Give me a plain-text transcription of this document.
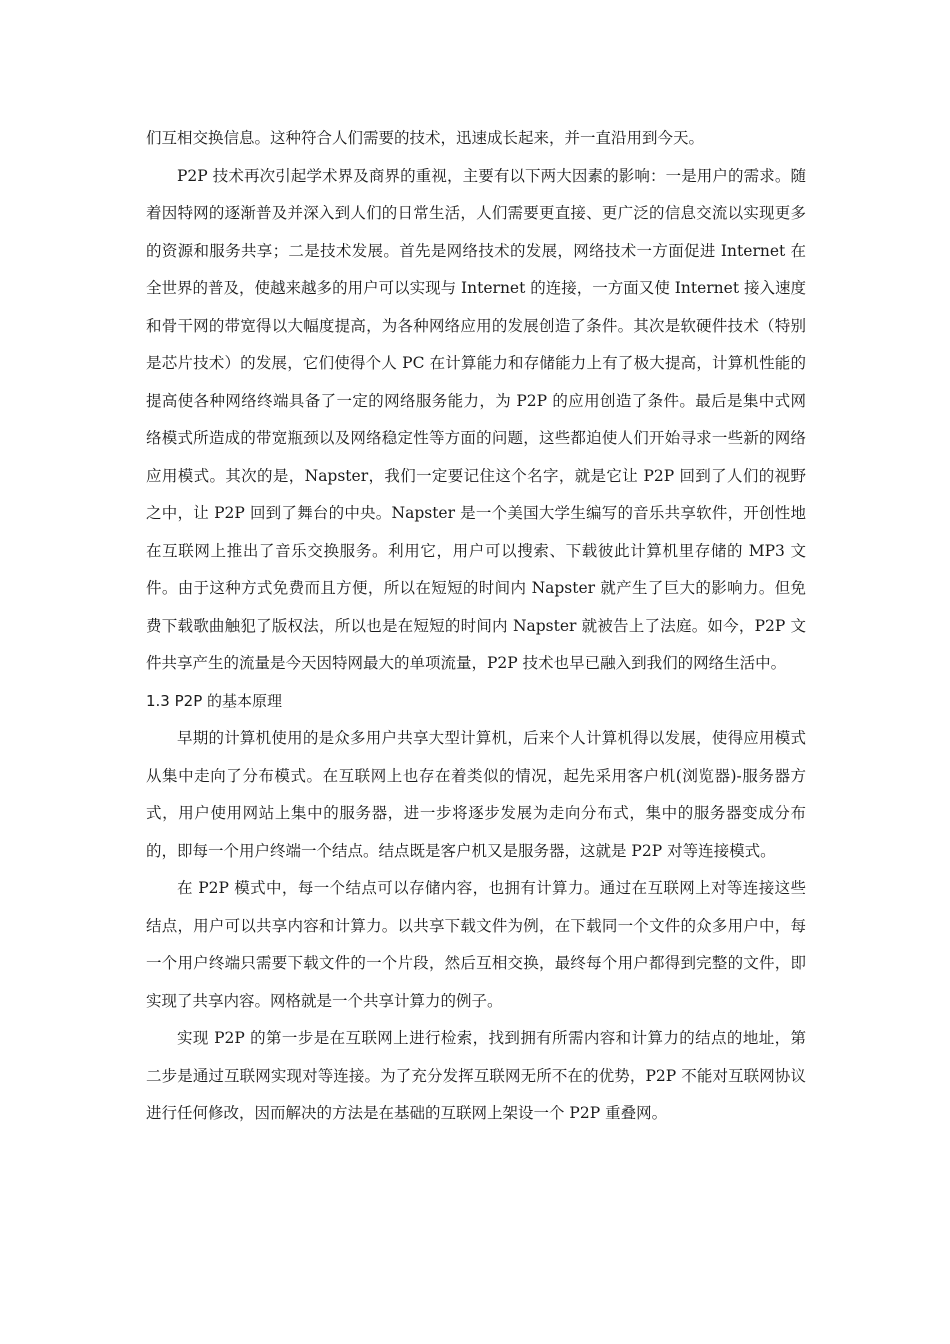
们互相交换信息。这种符合人们需要的技术，迅速成长起来，并一直沿用到今天。

P2P 技术再次引起学术界及商界的重视，主要有以下两大因素的影响：一是用户的需求。随着因特网的逐渐普及并深入到人们的日常生活，人们需要更直接、更广泛的信息交流以实现更多的资源和服务共享；二是技术发展。首先是网络技术的发展，网络技术一方面促进 Internet 在全世界的普及，使越来越多的用户可以实现与 Internet 的连接，一方面又使 Internet 接入速度和骨干网的带宽得以大幅度提高，为各种网络应用的发展创造了条件。其次是软硬件技术（特别是芯片技术）的发展，它们使得个人 PC 在计算能力和存储能力上有了极大提高，计算机性能的提高使各种网络终端具备了一定的网络服务能力，为 P2P 的应用创造了条件。最后是集中式网络模式所造成的带宽瓶颈以及网络稳定性等方面的问题，这些都迫使人们开始寻求一些新的网络应用模式。其次的是，Napster，我们一定要记住这个名字，就是它让 P2P 回到了人们的视野之中，让 P2P 回到了舞台的中央。Napster 是一个美国大学生编写的音乐共享软件，开创性地在互联网上推出了音乐交换服务。利用它，用户可以搜索、下载彼此计算机里存储的 MP3 文件。由于这种方式免费而且方便，所以在短短的时间内 Napster 就产生了巨大的影响力。但免费下载歌曲触犯了版权法，所以也是在短短的时间内 Napster 就被告上了法庭。如今，P2P 文件共享产生的流量是今天因特网最大的单项流量，P2P 技术也早已融入到我们的网络生活中。

1.3 P2P 的基本原理

早期的计算机使用的是众多用户共享大型计算机，后来个人计算机得以发展，使得应用模式从集中走向了分布模式。在互联网上也存在着类似的情况，起先采用客户机(浏览器)-服务器方式，用户使用网站上集中的服务器，进一步将逐步发展为走向分布式，集中的服务器变成分布的，即每一个用户终端一个结点。结点既是客户机又是服务器，这就是 P2P 对等连接模式。

在 P2P 模式中，每一个结点可以存储内容，也拥有计算力。通过在互联网上对等连接这些结点，用户可以共享内容和计算力。以共享下载文件为例，在下载同一个文件的众多用户中，每一个用户终端只需要下载文件的一个片段，然后互相交换，最终每个用户都得到完整的文件，即实现了共享内容。网格就是一个共享计算力的例子。

实现 P2P 的第一步是在互联网上进行检索，找到拥有所需内容和计算力的结点的地址，第二步是通过互联网实现对等连接。为了充分发挥互联网无所不在的优势，P2P 不能对互联网协议进行任何修改，因而解决的方法是在基础的互联网上架设一个 P2P 重叠网。
